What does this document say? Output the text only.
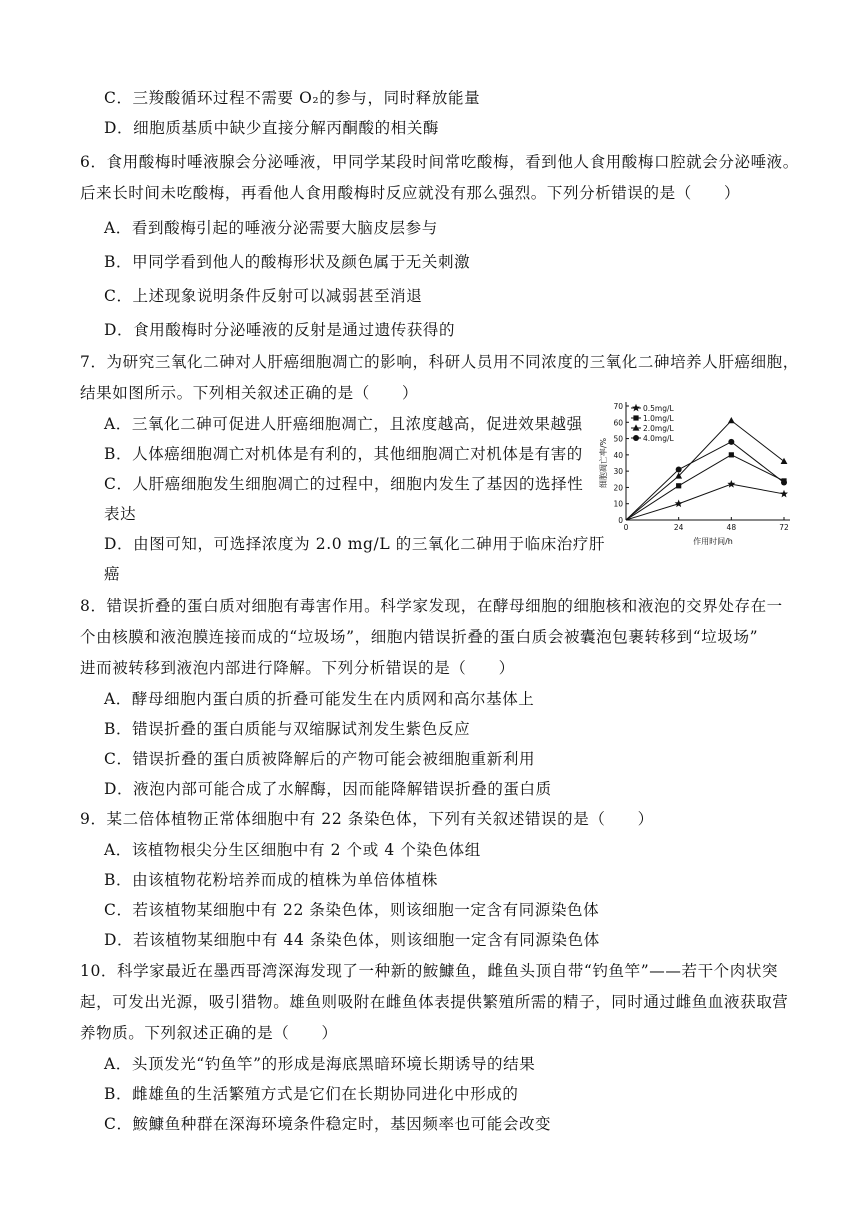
C．三羧酸循环过程不需要 O₂的参与，同时释放能量
D．细胞质基质中缺少直接分解丙酮酸的相关酶
6．食用酸梅时唾液腺会分泌唾液，甲同学某段时间常吃酸梅，看到他人食用酸梅口腔就会分泌唾液。
后来长时间未吃酸梅，再看他人食用酸梅时反应就没有那么强烈。下列分析错误的是（　　）
A．看到酸梅引起的唾液分泌需要大脑皮层参与
B．甲同学看到他人的酸梅形状及颜色属于无关刺激
C．上述现象说明条件反射可以减弱甚至消退
D．食用酸梅时分泌唾液的反射是通过遗传获得的
7．为研究三氧化二砷对人肝癌细胞凋亡的影响，科研人员用不同浓度的三氧化二砷培养人肝癌细胞，
结果如图所示。下列相关叙述正确的是（　　）
A．三氧化二砷可促进人肝癌细胞凋亡，且浓度越高，促进效果越强
B．人体癌细胞凋亡对机体是有利的，其他细胞凋亡对机体是有害的
C．人肝癌细胞发生细胞凋亡的过程中，细胞内发生了基因的选择性
表达
D．由图可知，可选择浓度为 2.0 mg/L 的三氧化二砷用于临床治疗肝
癌
8．错误折叠的蛋白质对细胞有毒害作用。科学家发现，在酵母细胞的细胞核和液泡的交界处存在一
个由核膜和液泡膜连接而成的“垃圾场”，细胞内错误折叠的蛋白质会被囊泡包裹转移到“垃圾场”
进而被转移到液泡内部进行降解。下列分析错误的是（　　）
A．酵母细胞内蛋白质的折叠可能发生在内质网和高尔基体上
B．错误折叠的蛋白质能与双缩脲试剂发生紫色反应
C．错误折叠的蛋白质被降解后的产物可能会被细胞重新利用
D．液泡内部可能合成了水解酶，因而能降解错误折叠的蛋白质
9．某二倍体植物正常体细胞中有 22 条染色体，下列有关叙述错误的是（　　）
A．该植物根尖分生区细胞中有 2 个或 4 个染色体组
B．由该植物花粉培养而成的植株为单倍体植株
C．若该植物某细胞中有 22 条染色体，则该细胞一定含有同源染色体
D．若该植物某细胞中有 44 条染色体，则该细胞一定含有同源染色体
10．科学家最近在墨西哥湾深海发现了一种新的鮟鱇鱼，雌鱼头顶自带“钓鱼竿”——若干个肉状突
起，可发出光源，吸引猎物。雄鱼则吸附在雌鱼体表提供繁殖所需的精子，同时通过雌鱼血液获取营
养物质。下列叙述正确的是（　　）
A．头顶发光“钓鱼竿”的形成是海底黑暗环境长期诱导的结果
B．雌雄鱼的生活繁殖方式是它们在长期协同进化中形成的
C．鮟鱇鱼种群在深海环境条件稳定时，基因频率也可能会改变
0
10
20
30
40
50
60
70
0	24	48	72
作用时间/h
细胞凋亡率/%
0.5mg/L
1.0mg/L
2.0mg/L
4.0mg/L
